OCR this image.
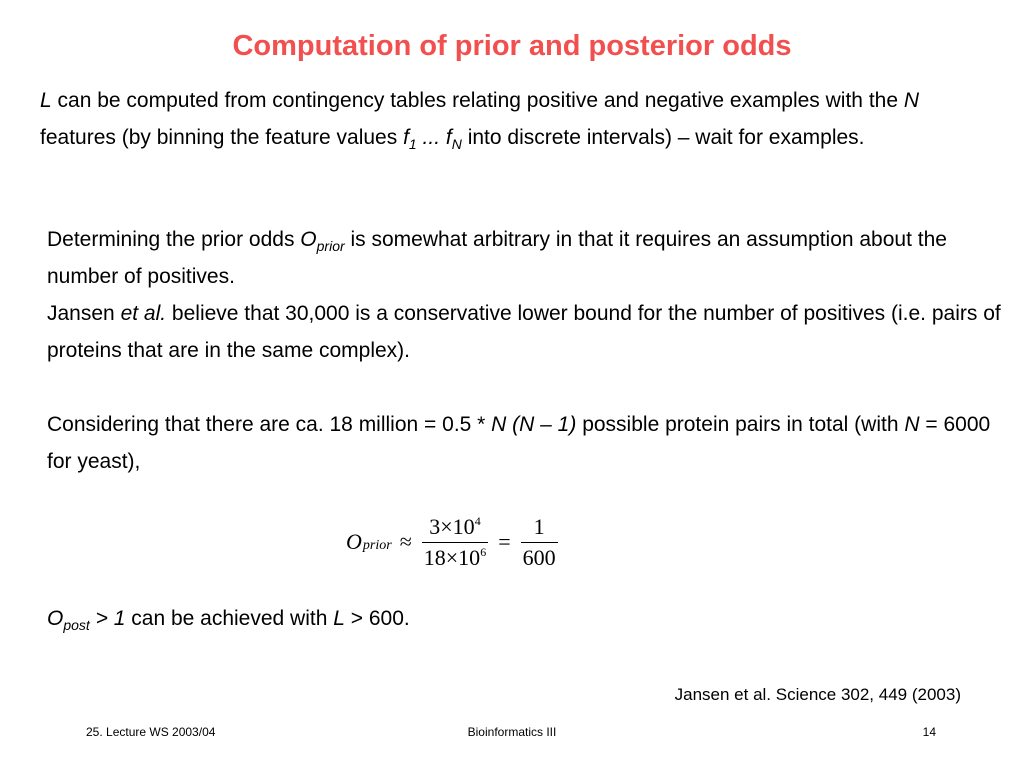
Computation of prior and posterior odds

L can be computed from contingency tables relating positive and negative examples with the N features (by binning the feature values $f_1$ ... $f_N$ into discrete intervals) – wait for examples.

Determining the prior odds $O_{prior}$ is somewhat arbitrary in that it requires an assumption about the number of positives.
Jansen et al. believe that 30,000 is a conservative lower bound for the number of positives (i.e. pairs of proteins that are in the same complex).

Considering that there are ca. 18 million = 0.5 * N (N – 1) possible protein pairs in total (with N = 6000 for yeast),

O prior ≈ $\frac{3\times 10^4}{18\times 10^6} = \frac{1}{600}$

$O_{post} > 1$ can be achieved with L > 600.

Jansen et al. Science 302, 449 (2003)
25. Lecture WS 2003/04	Bioinformatics III	14
